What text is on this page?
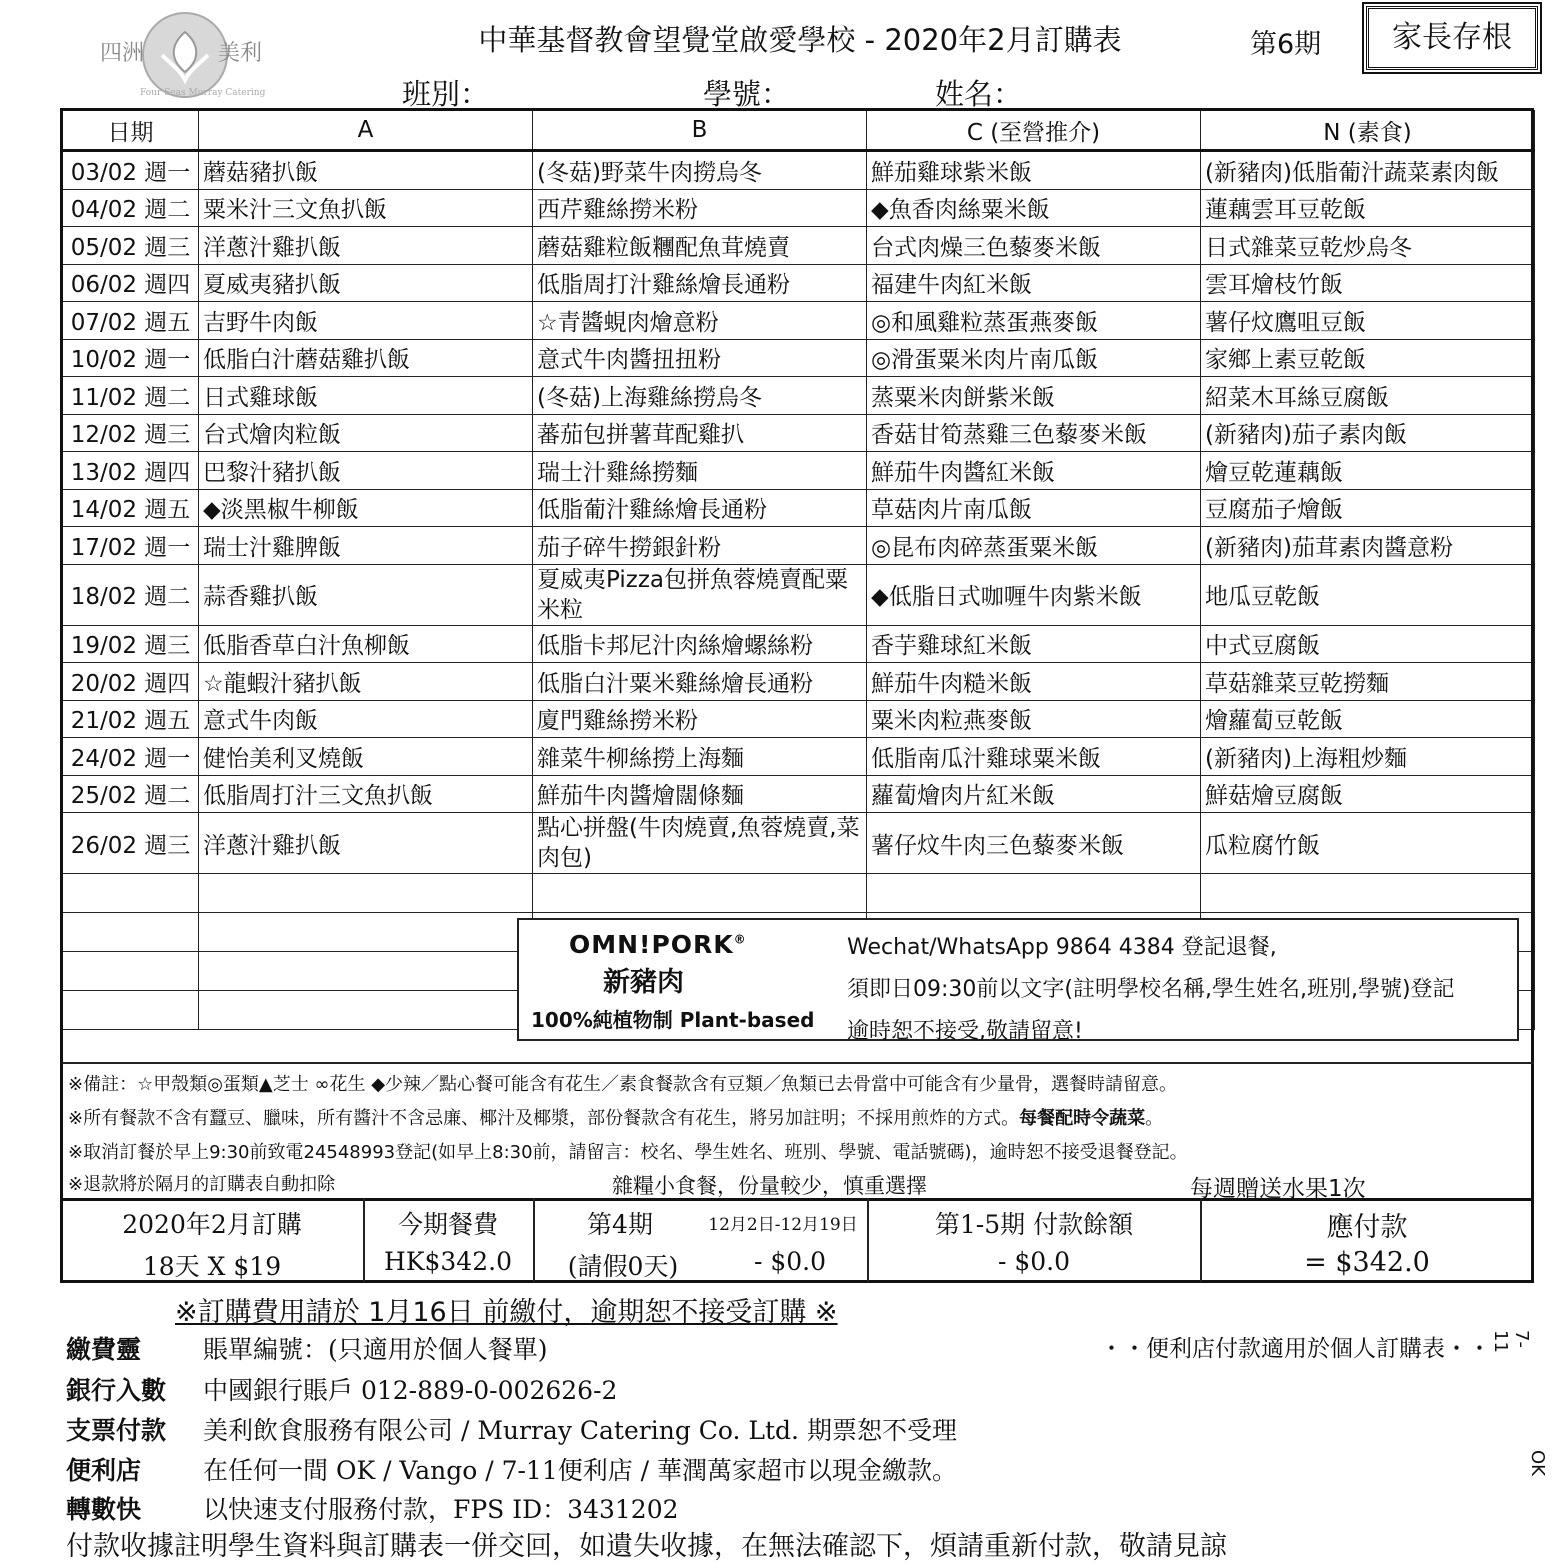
四洲	美利
Four Seas Murray Catering
中華基督教會望覺堂啟愛學校 - 2020年2月訂購表	第6期	家長存根
班別：	學號：	姓名：
日期	A	B	C (至營推介)	N (素食)
03/02 週一	蘑菇豬扒飯	(冬菇)野菜牛肉撈烏冬	鮮茄雞球紫米飯	(新豬肉)低脂葡汁蔬菜素肉飯
04/02 週二	粟米汁三文魚扒飯	西芹雞絲撈米粉	◆魚香肉絲粟米飯	蓮藕雲耳豆乾飯
05/02 週三	洋蔥汁雞扒飯	蘑菇雞粒飯糰配魚茸燒賣	台式肉燥三色藜麥米飯	日式雜菜豆乾炒烏冬
06/02 週四	夏威夷豬扒飯	低脂周打汁雞絲燴長通粉	福建牛肉紅米飯	雲耳燴枝竹飯
07/02 週五	吉野牛肉飯	☆青醬蜆肉燴意粉	◎和風雞粒蒸蛋燕麥飯	薯仔炆鷹咀豆飯
10/02 週一	低脂白汁蘑菇雞扒飯	意式牛肉醬扭扭粉	◎滑蛋粟米肉片南瓜飯	家鄉上素豆乾飯
11/02 週二	日式雞球飯	(冬菇)上海雞絲撈烏冬	蒸粟米肉餅紫米飯	紹菜木耳絲豆腐飯
12/02 週三	台式燴肉粒飯	蕃茄包拼薯茸配雞扒	香菇甘筍蒸雞三色藜麥米飯	(新豬肉)茄子素肉飯
13/02 週四	巴黎汁豬扒飯	瑞士汁雞絲撈麵	鮮茄牛肉醬紅米飯	燴豆乾蓮藕飯
14/02 週五	◆淡黑椒牛柳飯	低脂葡汁雞絲燴長通粉	草菇肉片南瓜飯	豆腐茄子燴飯
17/02 週一	瑞士汁雞脾飯	茄子碎牛撈銀針粉	◎昆布肉碎蒸蛋粟米飯	(新豬肉)茄茸素肉醬意粉
18/02 週二	蒜香雞扒飯	夏威夷Pizza包拼魚蓉燒賣配粟米粒	◆低脂日式咖喱牛肉紫米飯	地瓜豆乾飯
19/02 週三	低脂香草白汁魚柳飯	低脂卡邦尼汁肉絲燴螺絲粉	香芋雞球紅米飯	中式豆腐飯
20/02 週四	☆龍蝦汁豬扒飯	低脂白汁粟米雞絲燴長通粉	鮮茄牛肉糙米飯	草菇雜菜豆乾撈麵
21/02 週五	意式牛肉飯	廈門雞絲撈米粉	粟米肉粒燕麥飯	燴蘿蔔豆乾飯
24/02 週一	健怡美利叉燒飯	雜菜牛柳絲撈上海麵	低脂南瓜汁雞球粟米飯	(新豬肉)上海粗炒麵
25/02 週二	低脂周打汁三文魚扒飯	鮮茄牛肉醬燴闊條麵	蘿蔔燴肉片紅米飯	鮮菇燴豆腐飯
26/02 週三	洋蔥汁雞扒飯	點心拼盤(牛肉燒賣,魚蓉燒賣,菜肉包)	薯仔炆牛肉三色藜麥米飯	瓜粒腐竹飯

OMN!PORK®
新豬肉
100%純植物制 Plant-based
Wechat/WhatsApp 9864 4384 登記退餐,
須即日09:30前以文字(註明學校名稱,學生姓名,班別,學號)登記
逾時恕不接受,敬請留意!
※備註：☆甲殼類◎蛋類▲芝士 ∞花生 ◆少辣／點心餐可能含有花生／素食餐款含有豆類／魚類已去骨當中可能含有少量骨，選餐時請留意。
※所有餐款不含有蠶豆、臘味，所有醬汁不含忌廉、椰汁及椰漿，部份餐款含有花生，將另加註明；不採用煎炸的方式。每餐配時令蔬菜。
※取消訂餐於早上9:30前致電24548993登記(如早上8:30前，請留言：校名、學生姓名、班別、學號、電話號碼)，逾時恕不接受退餐登記。
※退款將於隔月的訂購表自動扣除	雜糧小食餐，份量較少，慎重選擇	每週贈送水果1次
2020年2月訂購
18天 X $19
今期餐費
HK$342.0
第4期	12月2日-12月19日
(請假0天)	- $0.0
第1-5期 付款餘額
- $0.0
應付款
= $342.0
※訂購費用請於 1月16日 前繳付，逾期恕不接受訂購 ※
・・便利店付款適用於個人訂購表・・
繳費靈 賬單編號：(只適用於個人餐單)
銀行入數 中國銀行賬戶 012-889-0-002626-2
支票付款 美利飲食服務有限公司 / Murray Catering Co. Ltd. 期票恕不受理
便利店 在任何一間 OK / Vango / 7-11便利店 / 華潤萬家超市以現金繳款。
轉數快 以快速支付服務付款，FPS ID：3431202
付款收據註明學生資料與訂購表一併交回，如遺失收據，在無法確認下，煩請重新付款，敬請見諒
7-11
OK
